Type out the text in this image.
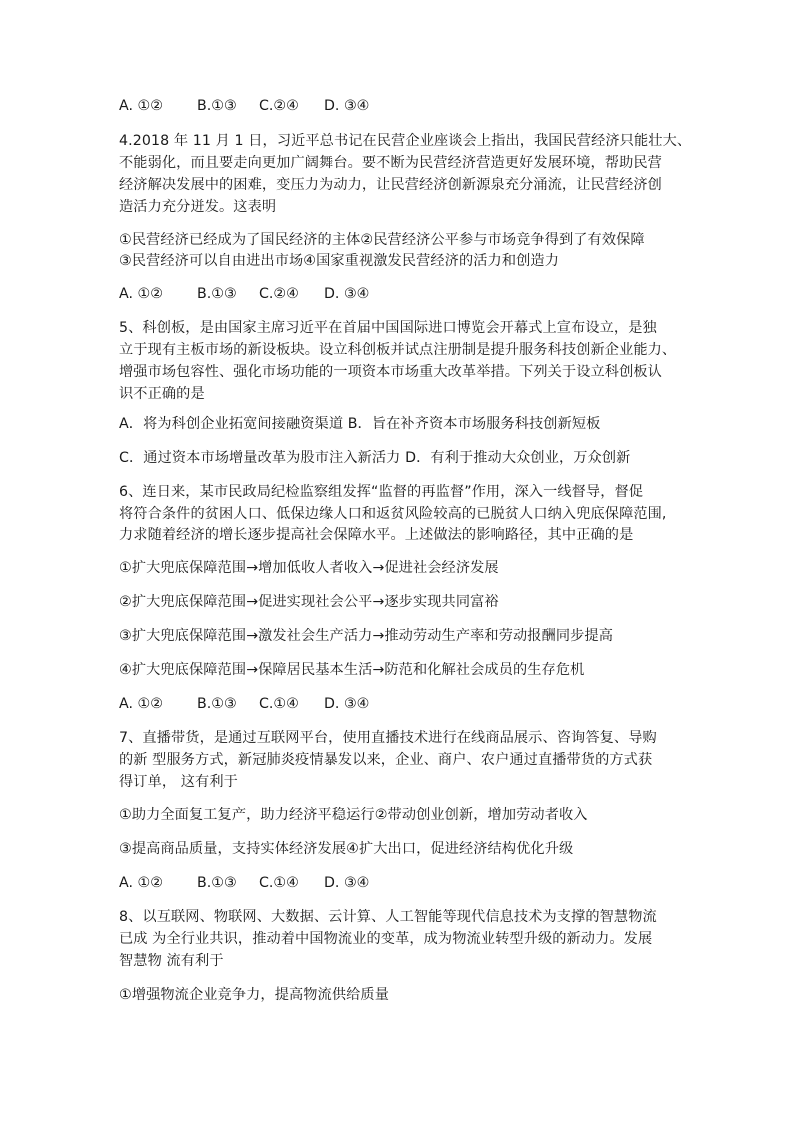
A. ①② B.①③ C.②④ D. ③④
4.2018 年 11 月 1 日，习近平总书记在民营企业座谈会上指出，我国民营经济只能壮大、
不能弱化，而且要走向更加广阔舞台。要不断为民营经济营造更好发展环境，帮助民营
经济解决发展中的困难，变压力为动力，让民营经济创新源泉充分涌流，让民营经济创
造活力充分迸发。这表明
①民营经济已经成为了国民经济的主体②民营经济公平参与市场竞争得到了有效保障
③民营经济可以自由进出市场④国家重视激发民营经济的活力和创造力
A. ①② B.①③ C.②④ D. ③④
5、科创板，是由国家主席习近平在首届中国国际进口博览会开幕式上宣布设立，是独
立于现有主板市场的新设板块。设立科创板并试点注册制是提升服务科技创新企业能力、
增强市场包容性、强化市场功能的一项资本市场重大改革举措。下列关于设立科创板认
识不正确的是
A．将为科创企业拓宽间接融资渠道 B．旨在补齐资本市场服务科技创新短板
C．通过资本市场增量改革为股市注入新活力 D．有利于推动大众创业，万众创新
6、连日来，某市民政局纪检监察组发挥“监督的再监督”作用，深入一线督导，督促
将符合条件的贫困人口、低保边缘人口和返贫风险较高的已脱贫人口纳入兜底保障范围,
力求随着经济的增长逐步提高社会保障水平。上述做法的影响路径，其中正确的是
①扩大兜底保障范围→增加低收人者收入→促进社会经济发展
②扩大兜底保障范围→促进实现社会公平→逐步实现共同富裕
③扩大兜底保障范围→激发社会生产活力→推动劳动生产率和劳动报酬同步提高
④扩大兜底保障范围→保障居民基本生活→防范和化解社会成员的生存危机
A. ①② B.①③ C.①④ D. ③④
7、直播带货，是通过互联网平台，使用直播技术进行在线商品展示、咨询答复、导购
的新 型服务方式，新冠肺炎疫情暴发以来，企业、商户、农户通过直播带货的方式获
得订单， 这有利于
①助力全面复工复产，助力经济平稳运行②带动创业创新，增加劳动者收入
③提高商品质量，支持实体经济发展④扩大出口，促进经济结构优化升级
A. ①② B.①③ C.①④ D. ③④
8、以互联网、物联网、大数据、云计算、人工智能等现代信息技术为支撑的智慧物流
已成 为全行业共识，推动着中国物流业的变革，成为物流业转型升级的新动力。发展
智慧物 流有利于
①增强物流企业竞争力，提高物流供给质量
